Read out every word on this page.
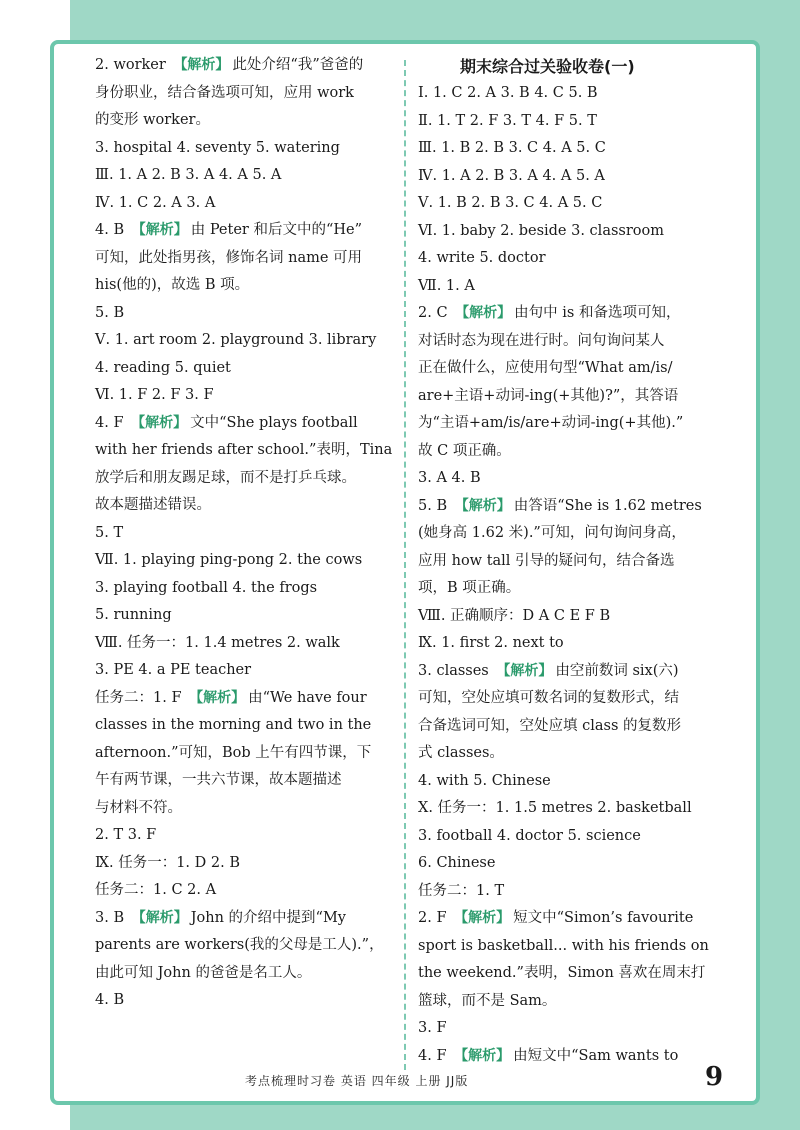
期末综合过关验收卷(一)
2. worker 【解析】 此处介绍“我”爸爸的
身份职业，结合备选项可知，应用 work
的变形 worker。
3. hospital 4. seventy 5. watering
Ⅲ. 1. A 2. B 3. A 4. A 5. A
Ⅳ. 1. C 2. A 3. A
4. B 【解析】 由 Peter 和后文中的“He”
可知，此处指男孩，修饰名词 name 可用
his(他的)，故选 B 项。
5. B
Ⅴ. 1. art room 2. playground 3. library
4. reading 5. quiet
Ⅵ. 1. F 2. F 3. F
4. F 【解析】 文中“She plays football
with her friends after school.”表明，Tina
放学后和朋友踢足球，而不是打乒乓球。
故本题描述错误。
5. T
Ⅶ. 1. playing ping-pong 2. the cows
3. playing football 4. the frogs
5. running
Ⅷ. 任务一：1. 1.4 metres 2. walk
3. PE 4. a PE teacher
任务二：1. F 【解析】 由“We have four
classes in the morning and two in the
afternoon.”可知，Bob 上午有四节课，下
午有两节课，一共六节课，故本题描述
与材料不符。
2. T 3. F
Ⅸ. 任务一：1. D 2. B
任务二：1. C 2. A
3. B 【解析】 John 的介绍中提到“My
parents are workers(我的父母是工人).”，
由此可知 John 的爸爸是名工人。
4. B
Ⅰ. 1. C 2. A 3. B 4. C 5. B
Ⅱ. 1. T 2. F 3. T 4. F 5. T
Ⅲ. 1. B 2. B 3. C 4. A 5. C
Ⅳ. 1. A 2. B 3. A 4. A 5. A
Ⅴ. 1. B 2. B 3. C 4. A 5. C
Ⅵ. 1. baby 2. beside 3. classroom
4. write 5. doctor
Ⅶ. 1. A
2. C 【解析】 由句中 is 和备选项可知，
对话时态为现在进行时。问句询问某人
正在做什么，应使用句型“What am/is/
are+主语+动词-ing(+其他)?”，其答语
为“主语+am/is/are+动词-ing(+其他).”
故 C 项正确。
3. A 4. B
5. B 【解析】 由答语“She is 1.62 metres
(她身高 1.62 米).”可知，问句询问身高，
应用 how tall 引导的疑问句，结合备选
项，B 项正确。
Ⅷ. 正确顺序：D A C E F B
Ⅸ. 1. first 2. next to
3. classes 【解析】 由空前数词 six(六)
可知，空处应填可数名词的复数形式，结
合备选词可知，空处应填 class 的复数形
式 classes。
4. with 5. Chinese
Ⅹ. 任务一：1. 1.5 metres 2. basketball
3. football 4. doctor 5. science
6. Chinese
任务二：1. T
2. F 【解析】 短文中“Simon’s favourite
sport is basketball... with his friends on
the weekend.”表明，Simon 喜欢在周末打
篮球，而不是 Sam。
3. F
4. F 【解析】 由短文中“Sam wants to
考点梳理时习卷 英语 四年级 上册 JJ版	9
